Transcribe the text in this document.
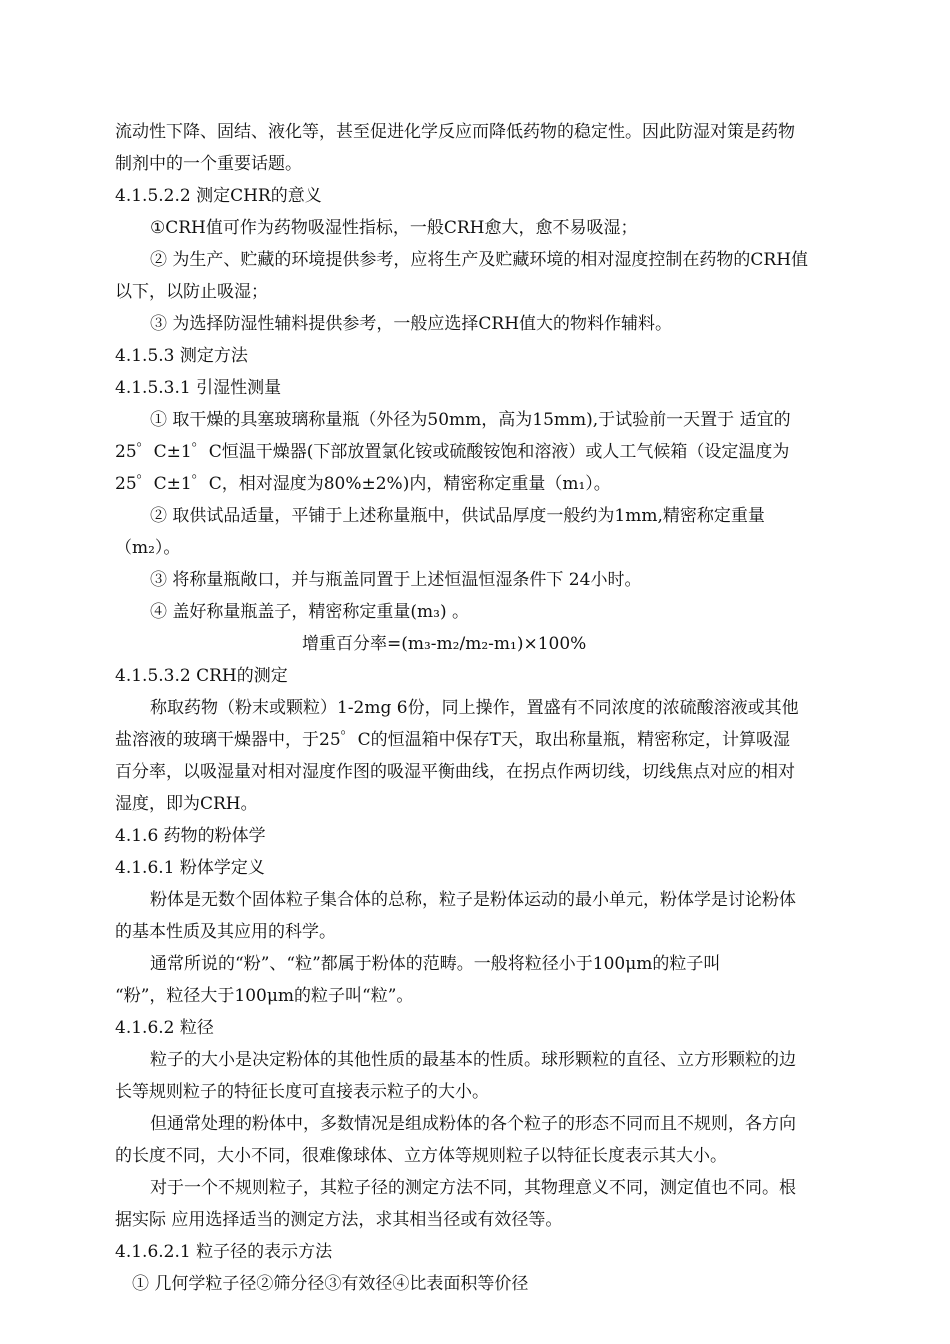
流动性下降、固结、液化等，甚至促进化学反应而降低药物的稳定性。因此防湿对策是药物
制剂中的一个重要话题。
4.1.5.2.2 测定CHR的意义
①CRH值可作为药物吸湿性指标，一般CRH愈大，愈不易吸湿；
② 为生产、贮藏的环境提供参考，应将生产及贮藏环境的相对湿度控制在药物的CRH值
以下，以防止吸湿；
③ 为选择防湿性辅料提供参考，一般应选择CRH值大的物料作辅料。
4.1.5.3 测定方法
4.1.5.3.1 引湿性测量
① 取干燥的具塞玻璃称量瓶（外径为50mm，高为15mm),于试验前一天置于 适宜的
25゜C±1゜C恒温干燥器(下部放置氯化铵或硫酸铵饱和溶液）或人工气候箱（设定温度为
25゜C±1゜C，相对湿度为80%±2%)内，精密称定重量（m₁）。
② 取供试品适量，平铺于上述称量瓶中，供试品厚度一般约为1mm,精密称定重量
（m₂）。
③ 将称量瓶敞口，并与瓶盖同置于上述恒温恒湿条件下 24小时。
④ 盖好称量瓶盖子，精密称定重量(m₃) 。
增重百分率=(m₃-m₂/m₂-m₁)×100%
4.1.5.3.2 CRH的测定
称取药物（粉末或颗粒）1-2mg 6份，同上操作，置盛有不同浓度的浓硫酸溶液或其他
盐溶液的玻璃干燥器中，于25゜C的恒温箱中保存T天，取出称量瓶，精密称定，计算吸湿
百分率，以吸湿量对相对湿度作图的吸湿平衡曲线，在拐点作两切线，切线焦点对应的相对
湿度，即为CRH。
4.1.6 药物的粉体学
4.1.6.1 粉体学定义
粉体是无数个固体粒子集合体的总称，粒子是粉体运动的最小单元，粉体学是讨论粉体
的基本性质及其应用的科学。
通常所说的“粉”、“粒”都属于粉体的范畴。一般将粒径小于100μm的粒子叫
“粉”，粒径大于100μm的粒子叫“粒”。
4.1.6.2 粒径
粒子的大小是决定粉体的其他性质的最基本的性质。球形颗粒的直径、立方形颗粒的边
长等规则粒子的特征长度可直接表示粒子的大小。
但通常处理的粉体中，多数情况是组成粉体的各个粒子的形态不同而且不规则，各方向
的长度不同，大小不同，很难像球体、立方体等规则粒子以特征长度表示其大小。
对于一个不规则粒子，其粒子径的测定方法不同，其物理意义不同，测定值也不同。根
据实际 应用选择适当的测定方法，求其相当径或有效径等。
4.1.6.2.1 粒子径的表示方法
① 几何学粒子径②筛分径③有效径④比表面积等价径
